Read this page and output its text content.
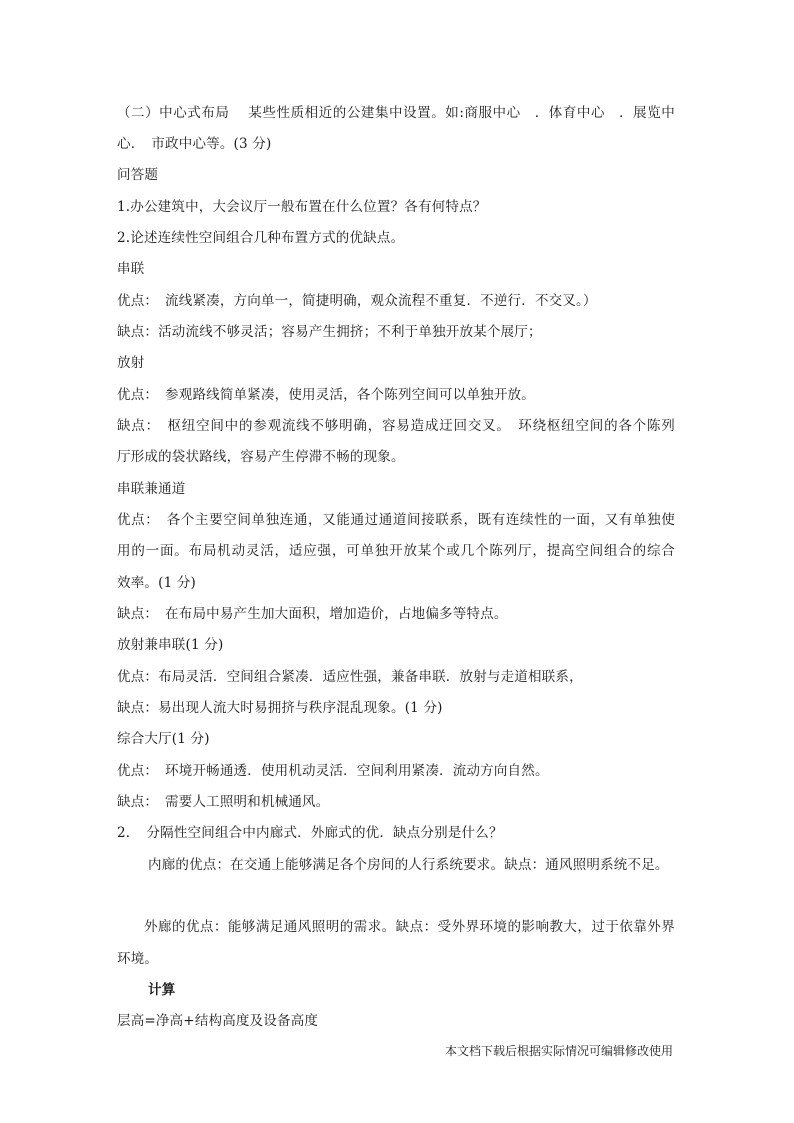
（二）中心式布局　 某些性质相近的公建集中设置。如:商服中心　．体育中心　．展览中
心．　市政中心等。(3 分)
问答题
1.办公建筑中，大会议厅一般布置在什么位置？各有何特点？
2.论述连续性空间组合几种布置方式的优缺点。
串联
优点：　流线紧凑，方向单一，简捷明确，观众流程不重复．不逆行．不交叉。）
缺点：活动流线不够灵活；容易产生拥挤；不利于单独开放某个展厅；
放射
优点：　参观路线简单紧凑，使用灵活，各个陈列空间可以单独开放。
缺点：　枢纽空间中的参观流线不够明确，容易造成迂回交叉。　环绕枢纽空间的各个陈列
厅形成的袋状路线，容易产生停滞不畅的现象。
串联兼通道
优点：　各个主要空间单独连通，又能通过通道间接联系，既有连续性的一面，又有单独使
用的一面。布局机动灵活，适应强，可单独开放某个或几个陈列厅，提高空间组合的综合
效率。(1 分)
缺点：　在布局中易产生加大面积，增加造价，占地偏多等特点。
放射兼串联(1 分)
优点：布局灵活．空间组合紧凑．适应性强，兼备串联．放射与走道相联系，
缺点：易出现人流大时易拥挤与秩序混乱现象。(1 分)
综合大厅(1 分)
优点：　环境开畅通透．使用机动灵活．空间利用紧凑．流动方向自然。
缺点：　需要人工照明和机械通风。
2．　分隔性空间组合中内廊式．外廊式的优．缺点分别是什么？
内廊的优点：在交通上能够满足各个房间的人行系统要求。缺点：通风照明系统不足。
外廊的优点：能够满足通风照明的需求。缺点：受外界环境的影响教大，过于依靠外界
环境。
计算
层高=净高+结构高度及设备高度
本文档下载后根据实际情况可编辑修改使用
